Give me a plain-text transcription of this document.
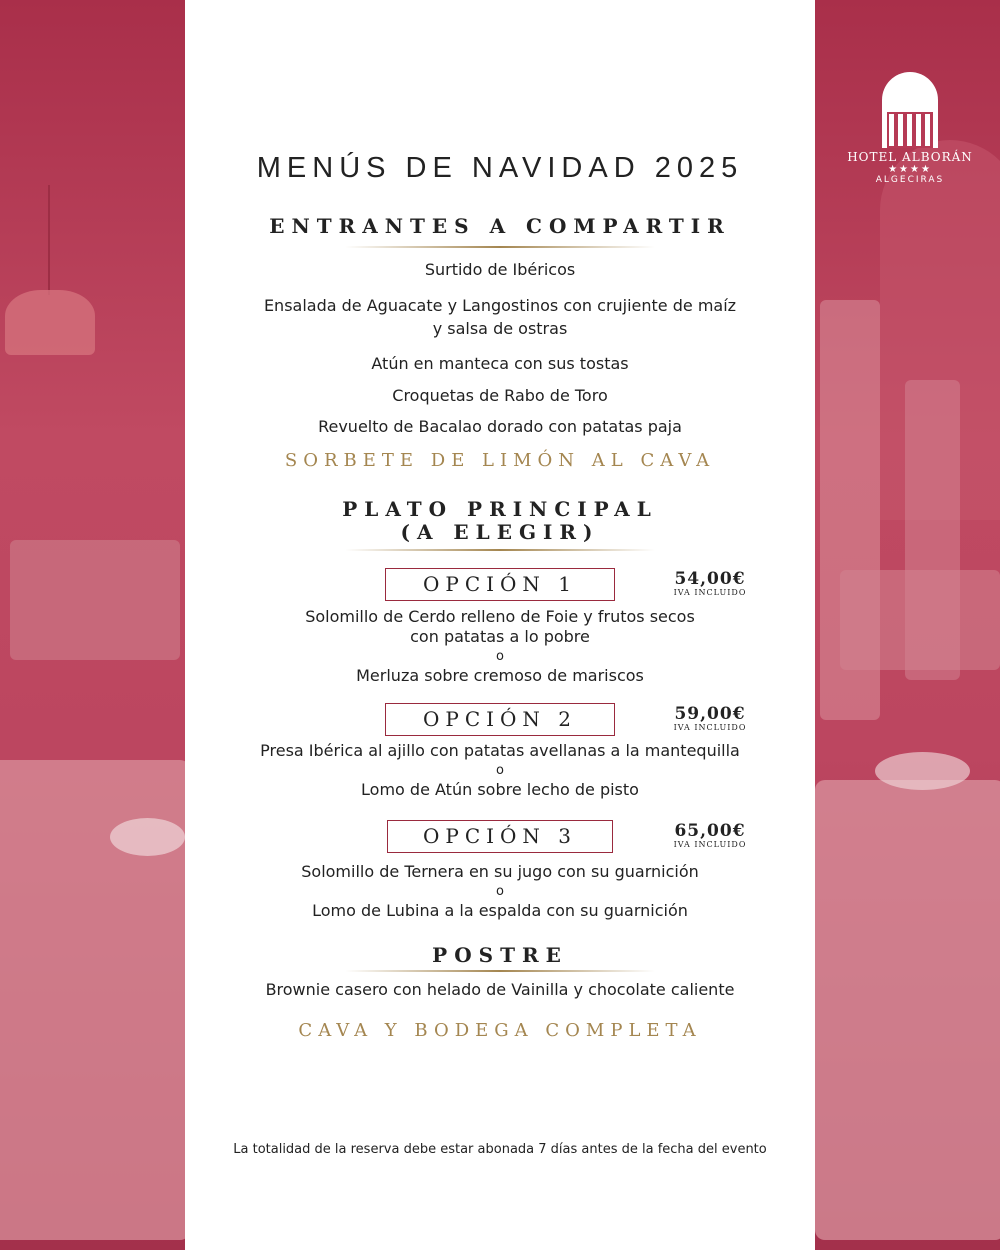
HOTEL ALBORÁN
★★★★
ALGECIRAS
MENÚS DE NAVIDAD 2025
ENTRANTES A COMPARTIR
Surtido de Ibéricos
Ensalada de Aguacate y Langostinos con crujiente de maíz
y salsa de ostras
Atún en manteca con sus tostas
Croquetas de Rabo de Toro
Revuelto de Bacalao dorado con patatas paja
SORBETE DE LIMÓN AL CAVA
PLATO PRINCIPAL
(A ELEGIR)
OPCIÓN 1	54,00€
IVA INCLUIDO
Solomillo de Cerdo relleno de Foie y frutos secos
con patatas a lo pobre
o
Merluza sobre cremoso de mariscos
OPCIÓN 2	59,00€
IVA INCLUIDO
Presa Ibérica al ajillo con patatas avellanas a la mantequilla
o
Lomo de Atún sobre lecho de pisto
OPCIÓN 3	65,00€
IVA INCLUIDO
Solomillo de Ternera en su jugo con su guarnición
o
Lomo de Lubina a la espalda con su guarnición
POSTRE
Brownie casero con helado de Vainilla y chocolate caliente
CAVA Y BODEGA COMPLETA
La totalidad de la reserva debe estar abonada 7 días antes de la fecha del evento
